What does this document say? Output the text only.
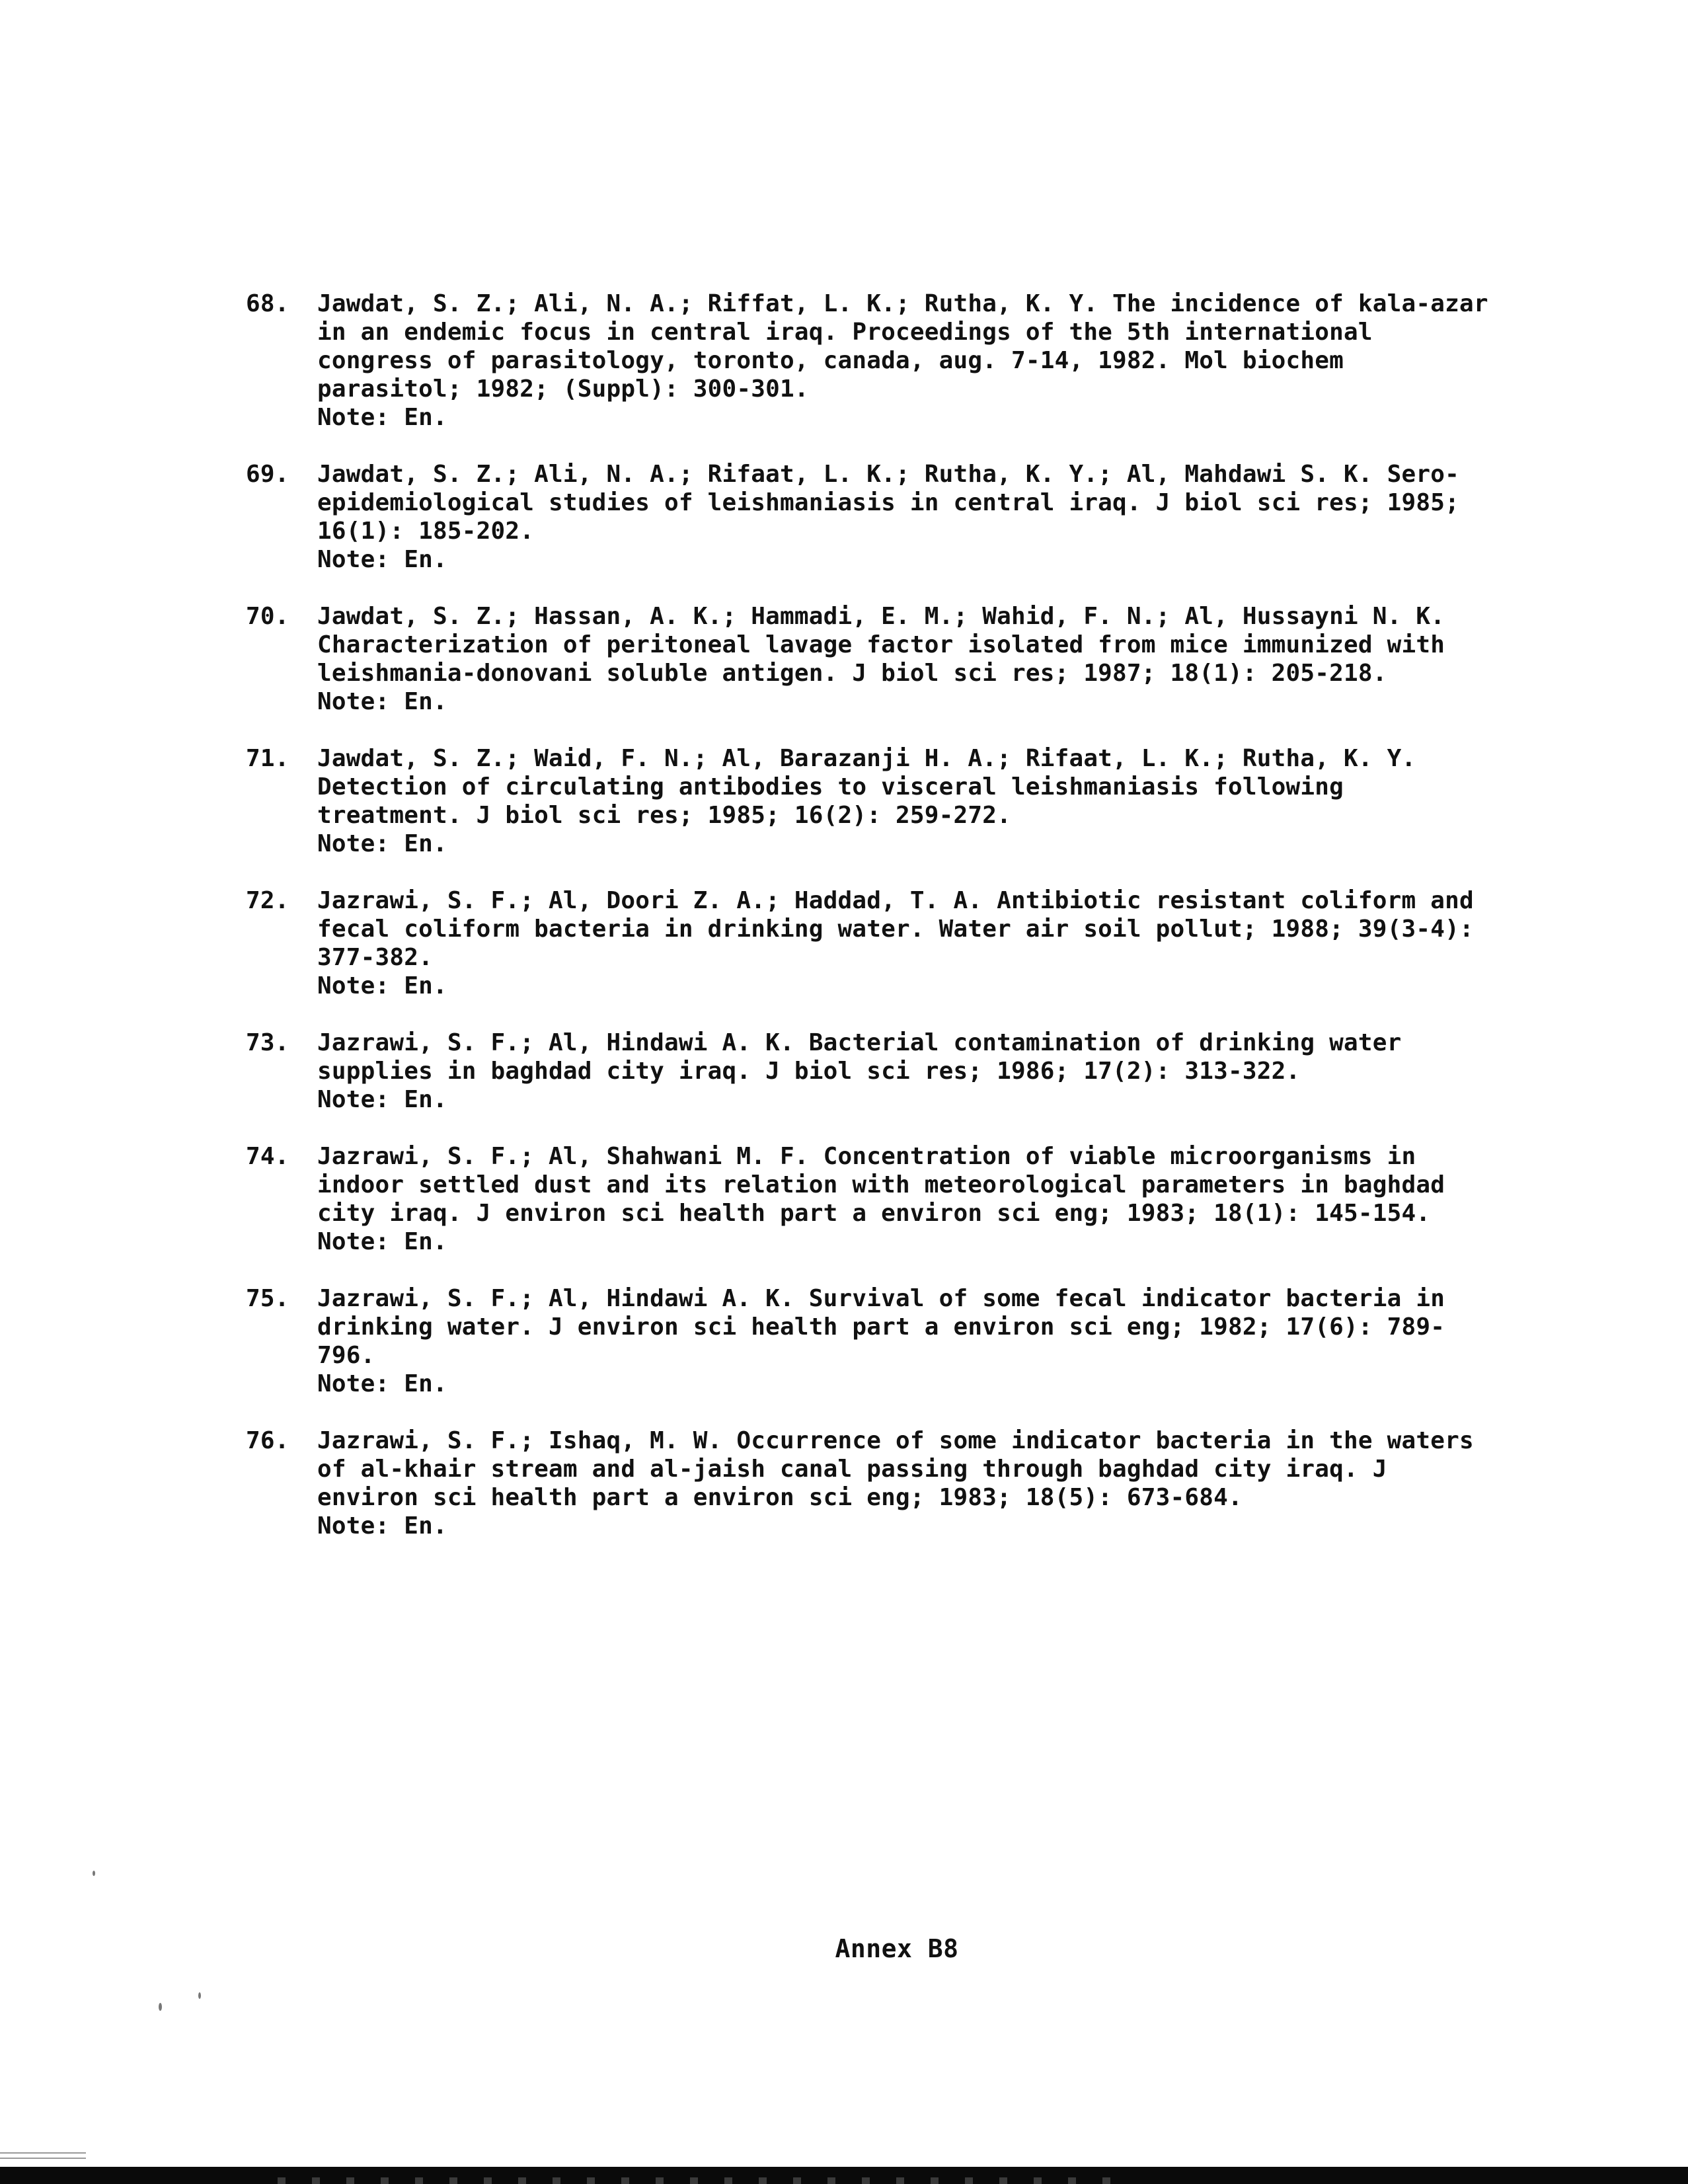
68. Jawdat, S. Z.; Ali, N. A.; Riffat, L. K.; Rutha, K. Y. The incidence of kala-azar in an endemic focus in central iraq. Proceedings of the 5th international congress of parasitology, toronto, canada, aug. 7-14, 1982. Mol biochem parasitol; 1982; (Suppl): 300-301.
Note: En.
69. Jawdat, S. Z.; Ali, N. A.; Rifaat, L. K.; Rutha, K. Y.; Al, Mahdawi S. K. Sero-epidemiological studies of leishmaniasis in central iraq. J biol sci res; 1985; 16(1): 185-202.
Note: En.
70. Jawdat, S. Z.; Hassan, A. K.; Hammadi, E. M.; Wahid, F. N.; Al, Hussayni N. K. Characterization of peritoneal lavage factor isolated from mice immunized with leishmania-donovani soluble antigen. J biol sci res; 1987; 18(1): 205-218.
Note: En.
71. Jawdat, S. Z.; Waid, F. N.; Al, Barazanji H. A.; Rifaat, L. K.; Rutha, K. Y. Detection of circulating antibodies to visceral leishmaniasis following treatment. J biol sci res; 1985; 16(2): 259-272.
Note: En.
72. Jazrawi, S. F.; Al, Doori Z. A.; Haddad, T. A. Antibiotic resistant coliform and fecal coliform bacteria in drinking water. Water air soil pollut; 1988; 39(3-4): 377-382.
Note: En.
73. Jazrawi, S. F.; Al, Hindawi A. K. Bacterial contamination of drinking water supplies in baghdad city iraq. J biol sci res; 1986; 17(2): 313-322.
Note: En.
74. Jazrawi, S. F.; Al, Shahwani M. F. Concentration of viable microorganisms in indoor settled dust and its relation with meteorological parameters in baghdad city iraq. J environ sci health part a environ sci eng; 1983; 18(1): 145-154.
Note: En.
75. Jazrawi, S. F.; Al, Hindawi A. K. Survival of some fecal indicator bacteria in drinking water. J environ sci health part a environ sci eng; 1982; 17(6): 789-796.
Note: En.
76. Jazrawi, S. F.; Ishaq, M. W. Occurrence of some indicator bacteria in the waters of al-khair stream and al-jaish canal passing through baghdad city iraq. J environ sci health part a environ sci eng; 1983; 18(5): 673-684.
Note: En.
Annex B8
